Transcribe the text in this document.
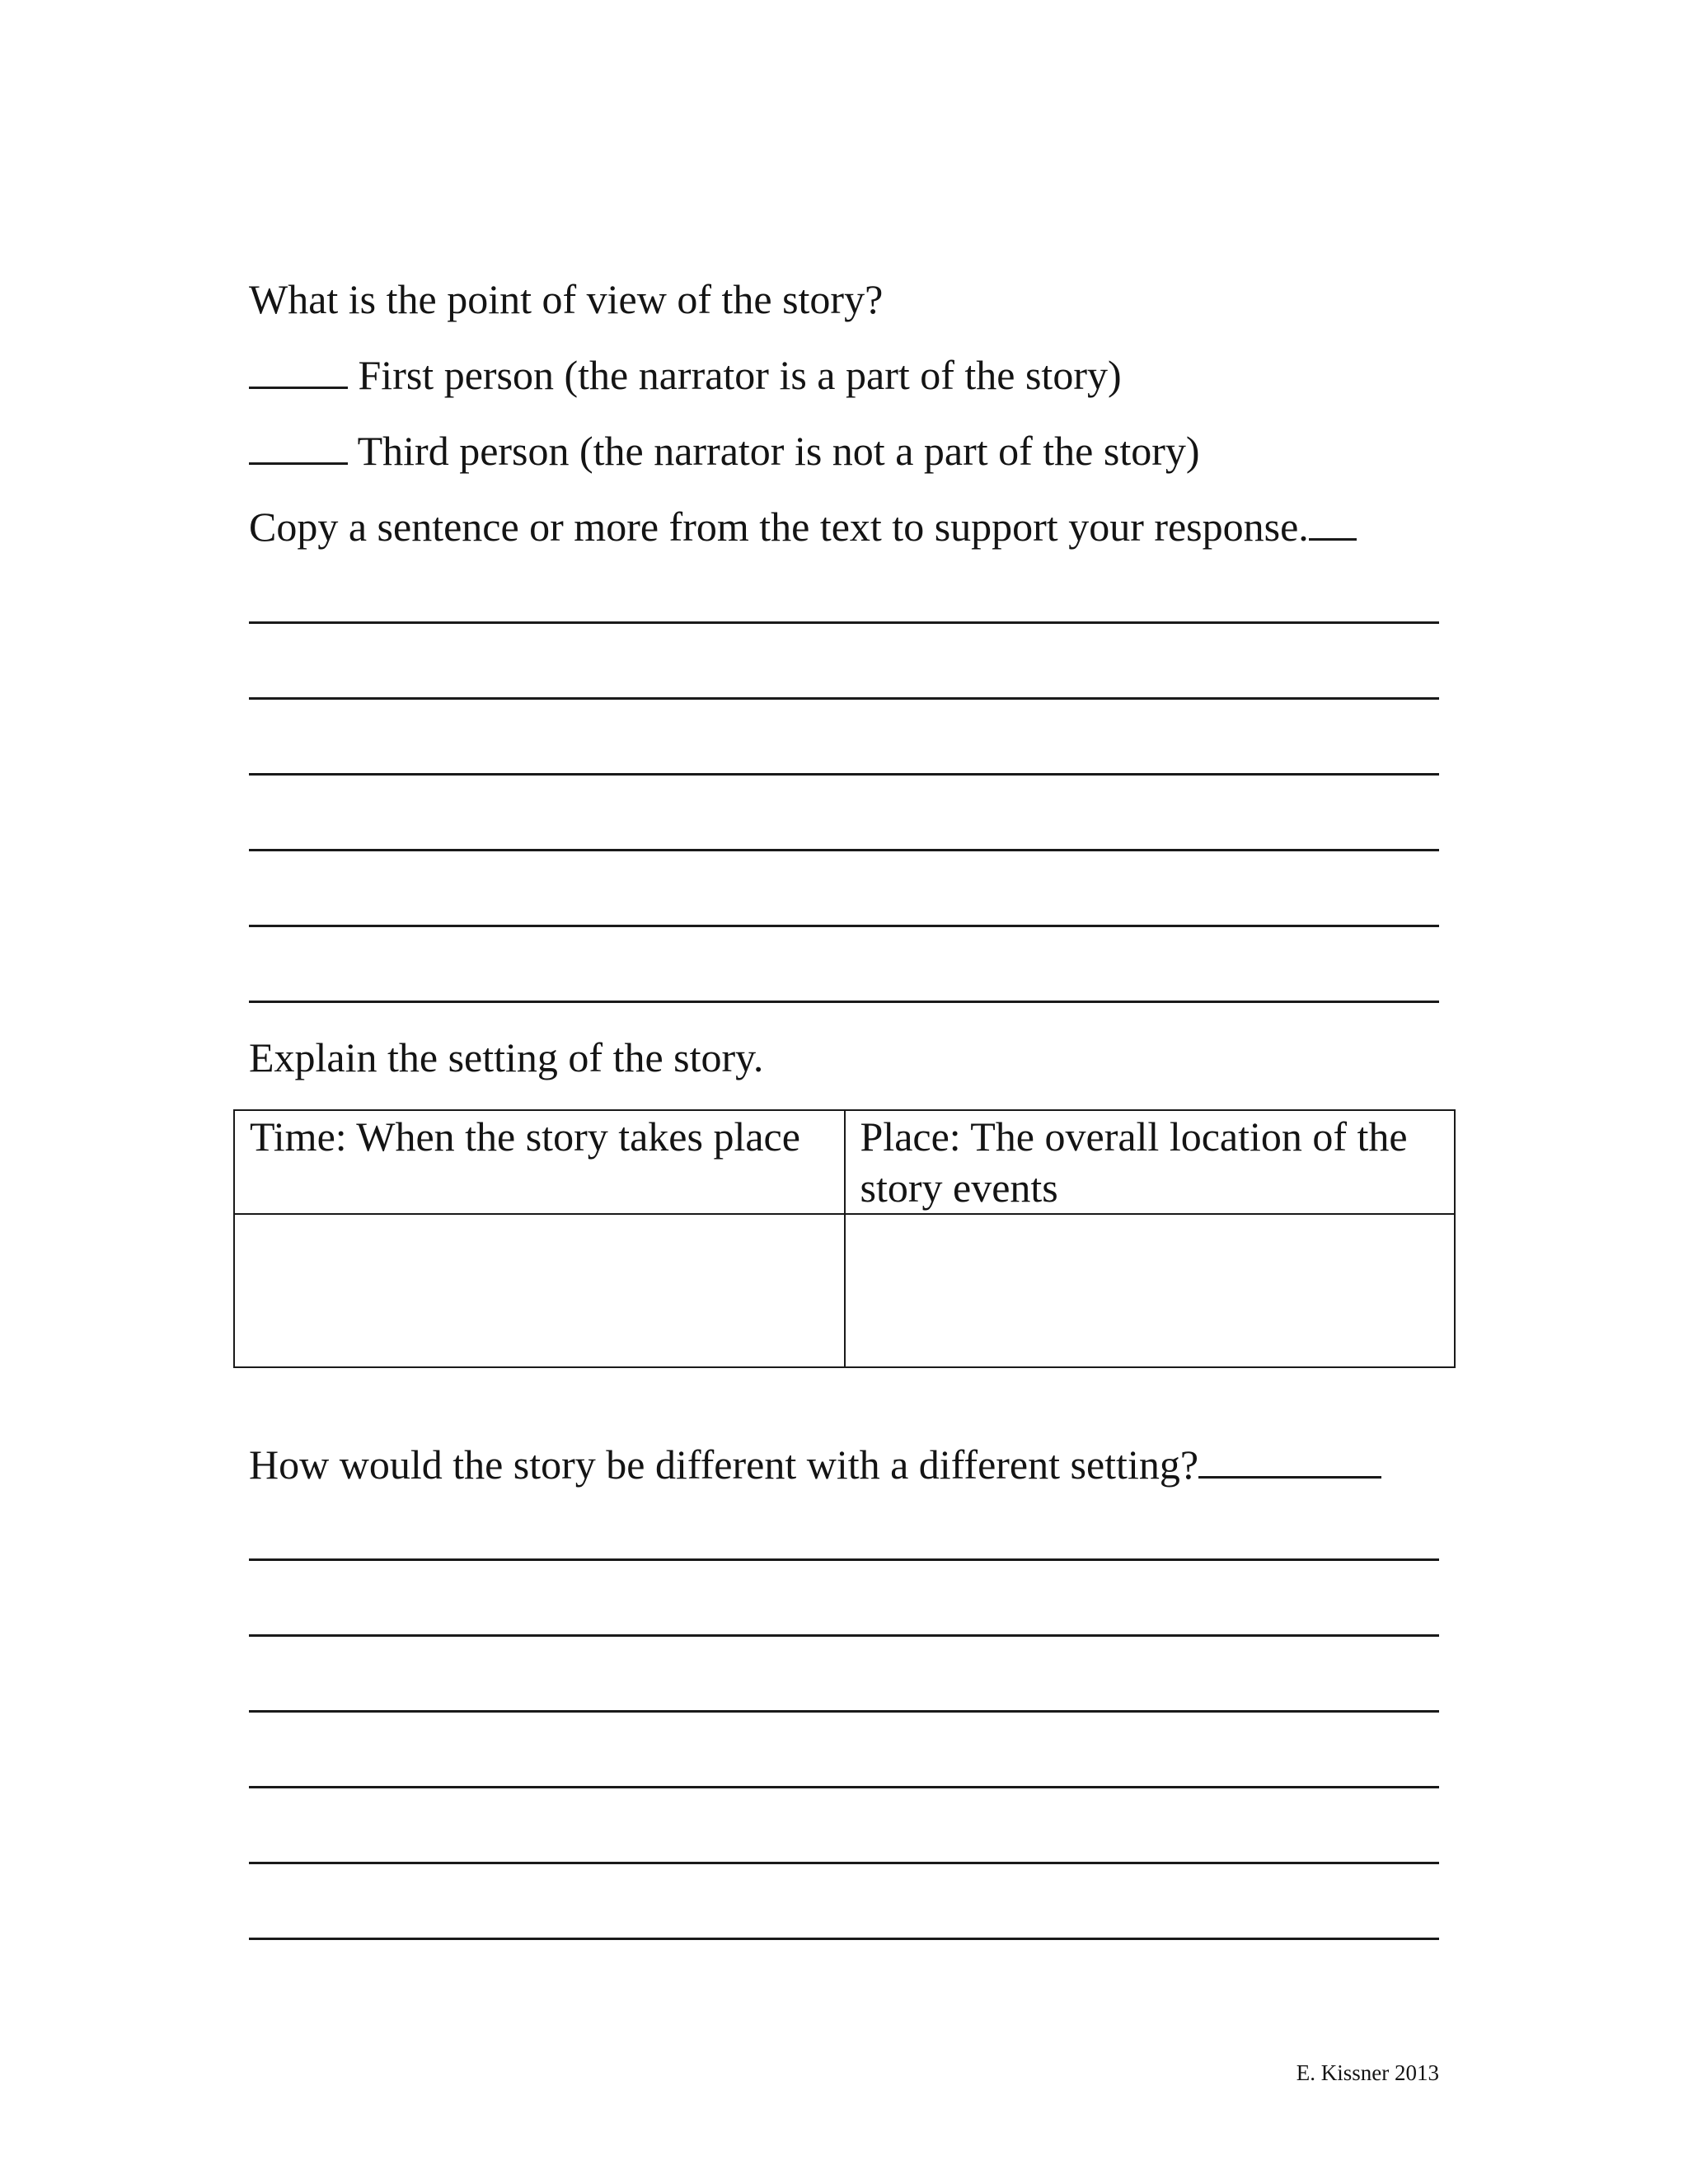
What is the point of view of the story?
First person (the narrator is a part of the story)
Third person (the narrator is not a part of the story)
Copy a sentence or more from the text to support your response.
Explain the setting of the story.
Time: When the story takes place	Place: The overall location of the story events

How would the story be different with a different setting?
E. Kissner 2013
